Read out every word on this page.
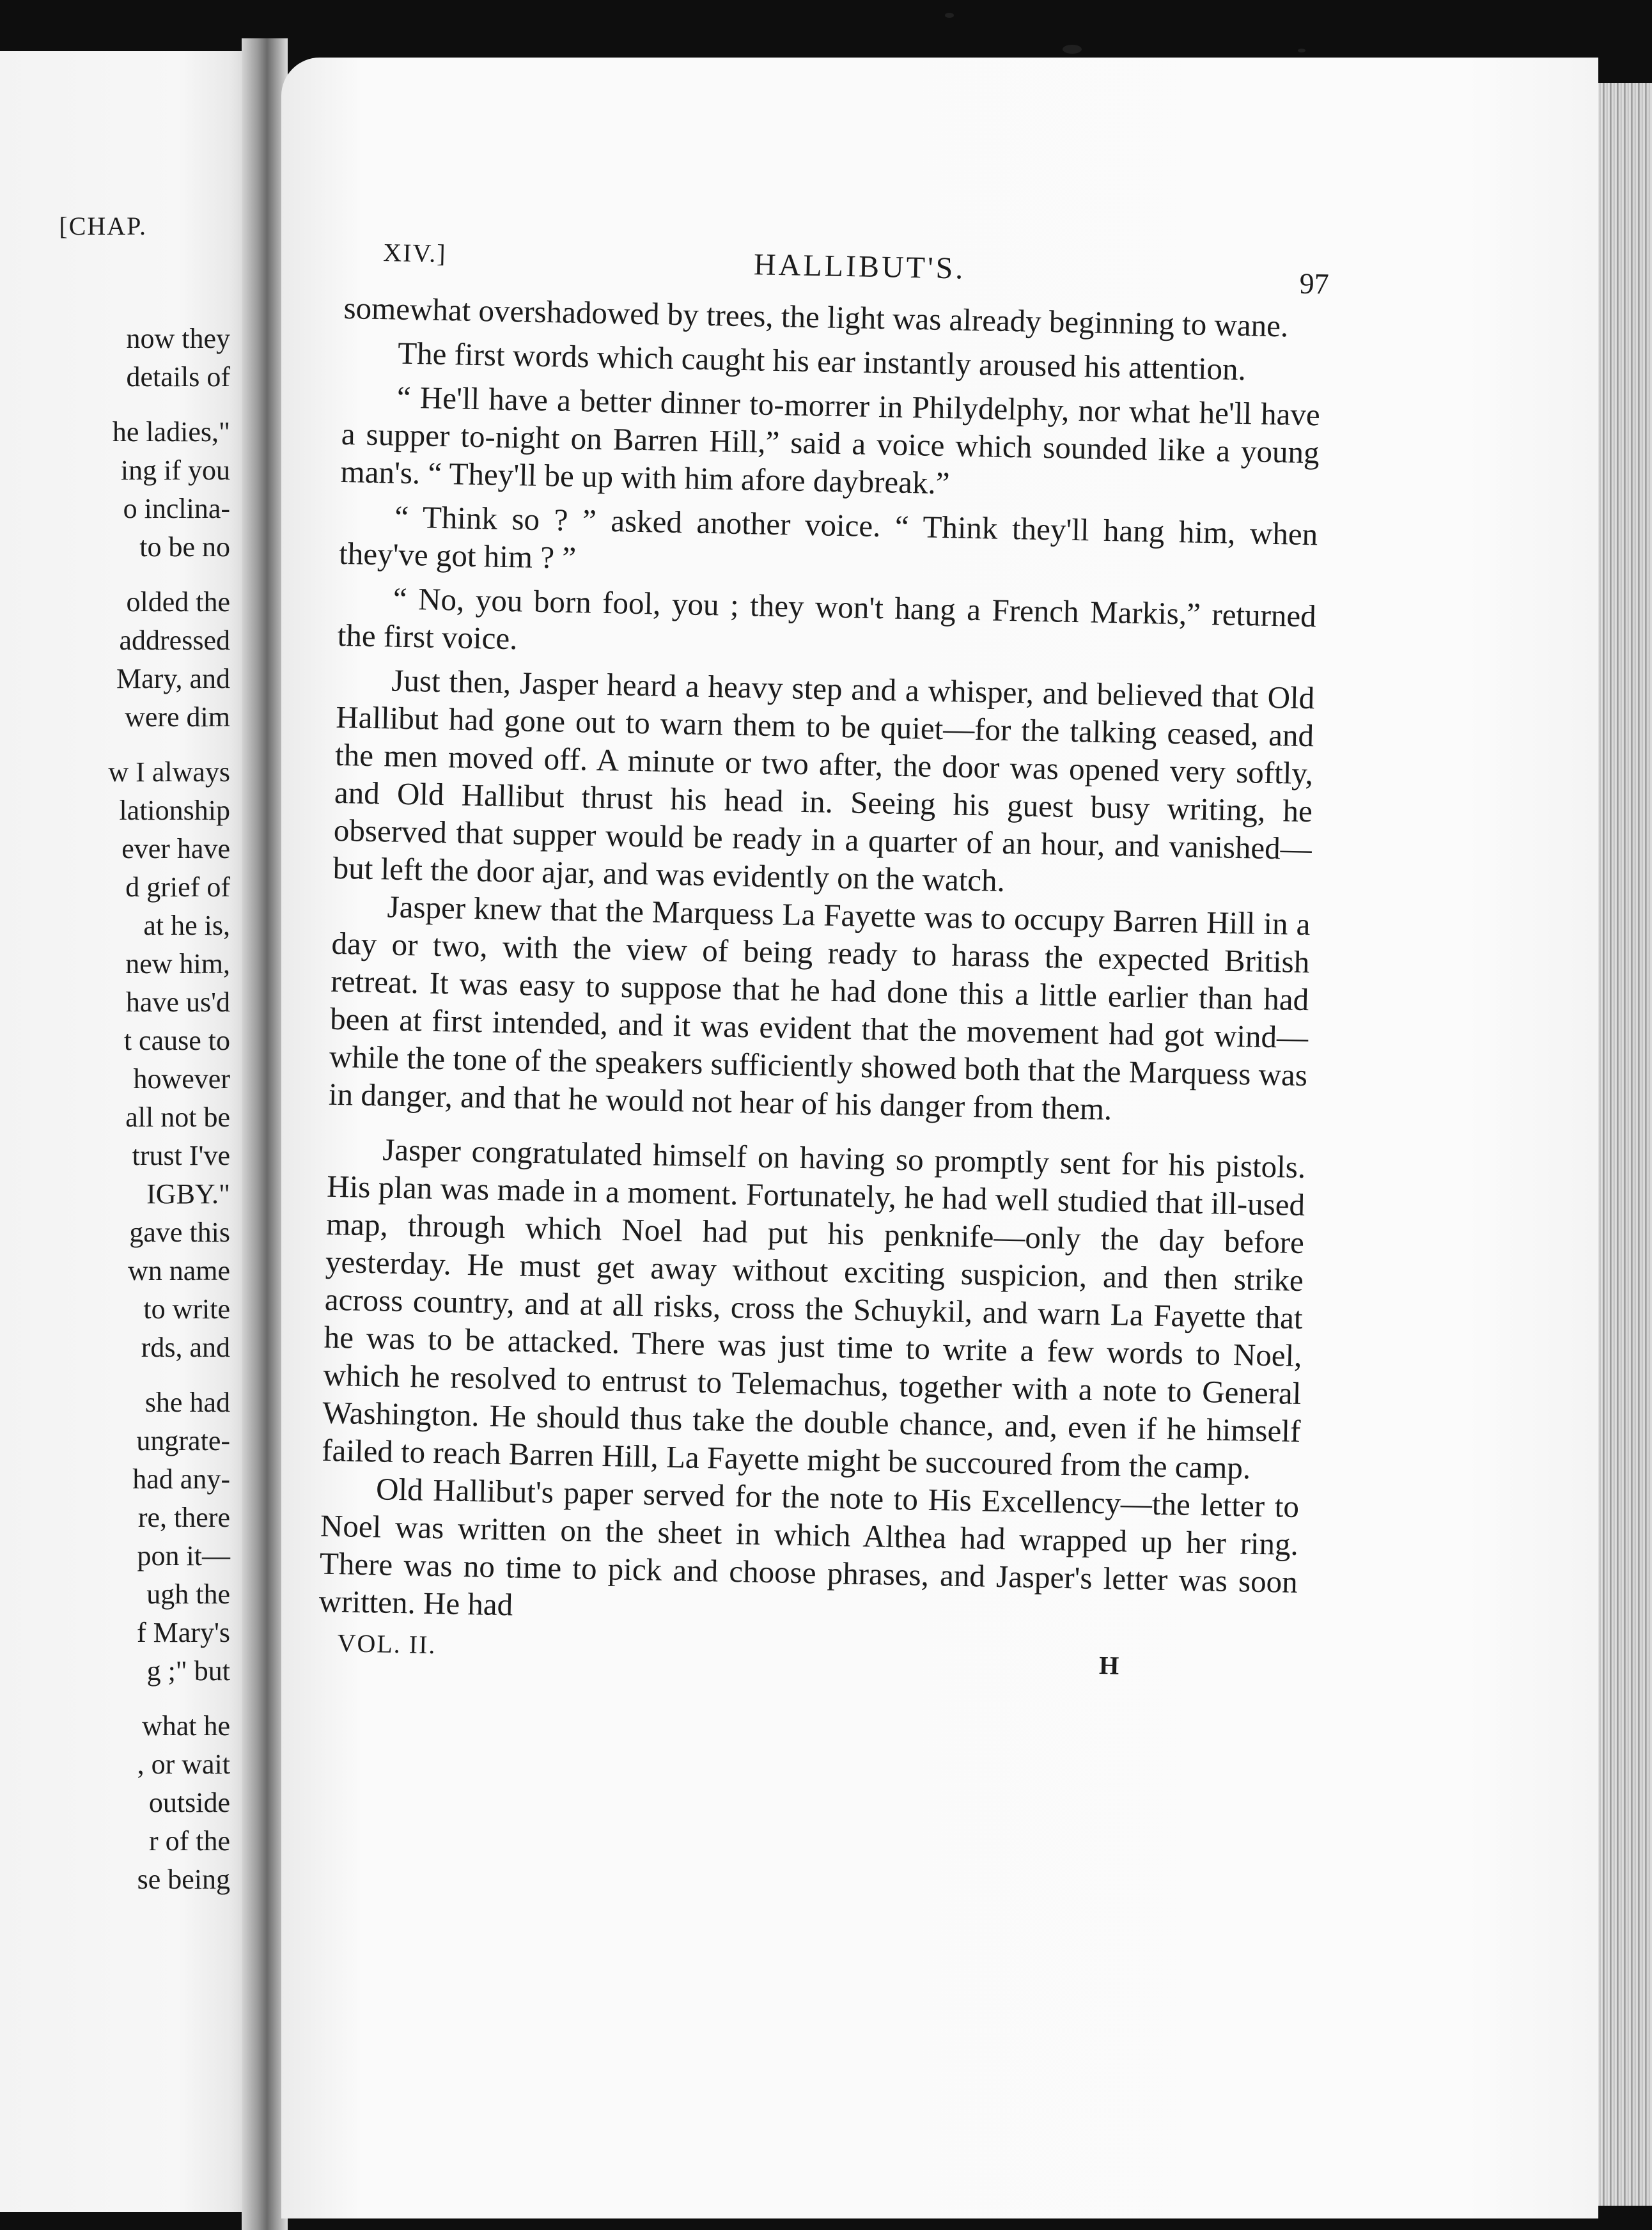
[CHAP.
now they
details of
he ladies,"
ing if you
o inclina-
to be no
olded the
addressed
Mary, and
were dim
w I always
lationship
ever have
d grief of
at he is,
new him,
have us'd
t cause to
however
all not be
trust I've
IGBY."
gave this
wn name
to write
rds, and
she had
ungrate-
had any-
re, there
pon it—
ugh the
f Mary's
g ;" but
what he
, or wait
outside
r of the
se being
XIV.]	HALLIBUT'S.	97

somewhat overshadowed by trees, the light was already beginning to wane.

The first words which caught his ear instantly aroused his attention.

“ He'll have a better dinner to-morrer in Philydelphy, nor what he'll have a supper to-night on Barren Hill,” said a voice which sounded like a young man's. “ They'll be up with him afore daybreak.”

“ Think so ? ” asked another voice. “ Think they'll hang him, when they've got him ? ”

“ No, you born fool, you ; they won't hang a French Markis,” returned the first voice.

Just then, Jasper heard a heavy step and a whisper, and believed that Old Hallibut had gone out to warn them to be quiet—for the talking ceased, and the men moved off. A minute or two after, the door was opened very softly, and Old Hallibut thrust his head in. Seeing his guest busy writing, he observed that supper would be ready in a quarter of an hour, and vanished—but left the door ajar, and was evidently on the watch.

Jasper knew that the Marquess La Fayette was to occupy Barren Hill in a day or two, with the view of being ready to harass the expected British retreat. It was easy to suppose that he had done this a little earlier than had been at first intended, and it was evident that the movement had got wind—while the tone of the speakers sufficiently showed both that the Marquess was in danger, and that he would not hear of his danger from them.

Jasper congratulated himself on having so promptly sent for his pistols. His plan was made in a moment. Fortunately, he had well studied that ill-used map, through which Noel had put his penknife—only the day before yesterday. He must get away without exciting suspicion, and then strike across country, and at all risks, cross the Schuykil, and warn La Fayette that he was to be attacked. There was just time to write a few words to Noel, which he resolved to entrust to Telemachus, together with a note to General Washington. He should thus take the double chance, and, even if he himself failed to reach Barren Hill, La Fayette might be succoured from the camp.

Old Hallibut's paper served for the note to His Excellency—the letter to Noel was written on the sheet in which Althea had wrapped up her ring. There was no time to pick and choose phrases, and Jasper's letter was soon written. He had

VOL. II.
H
